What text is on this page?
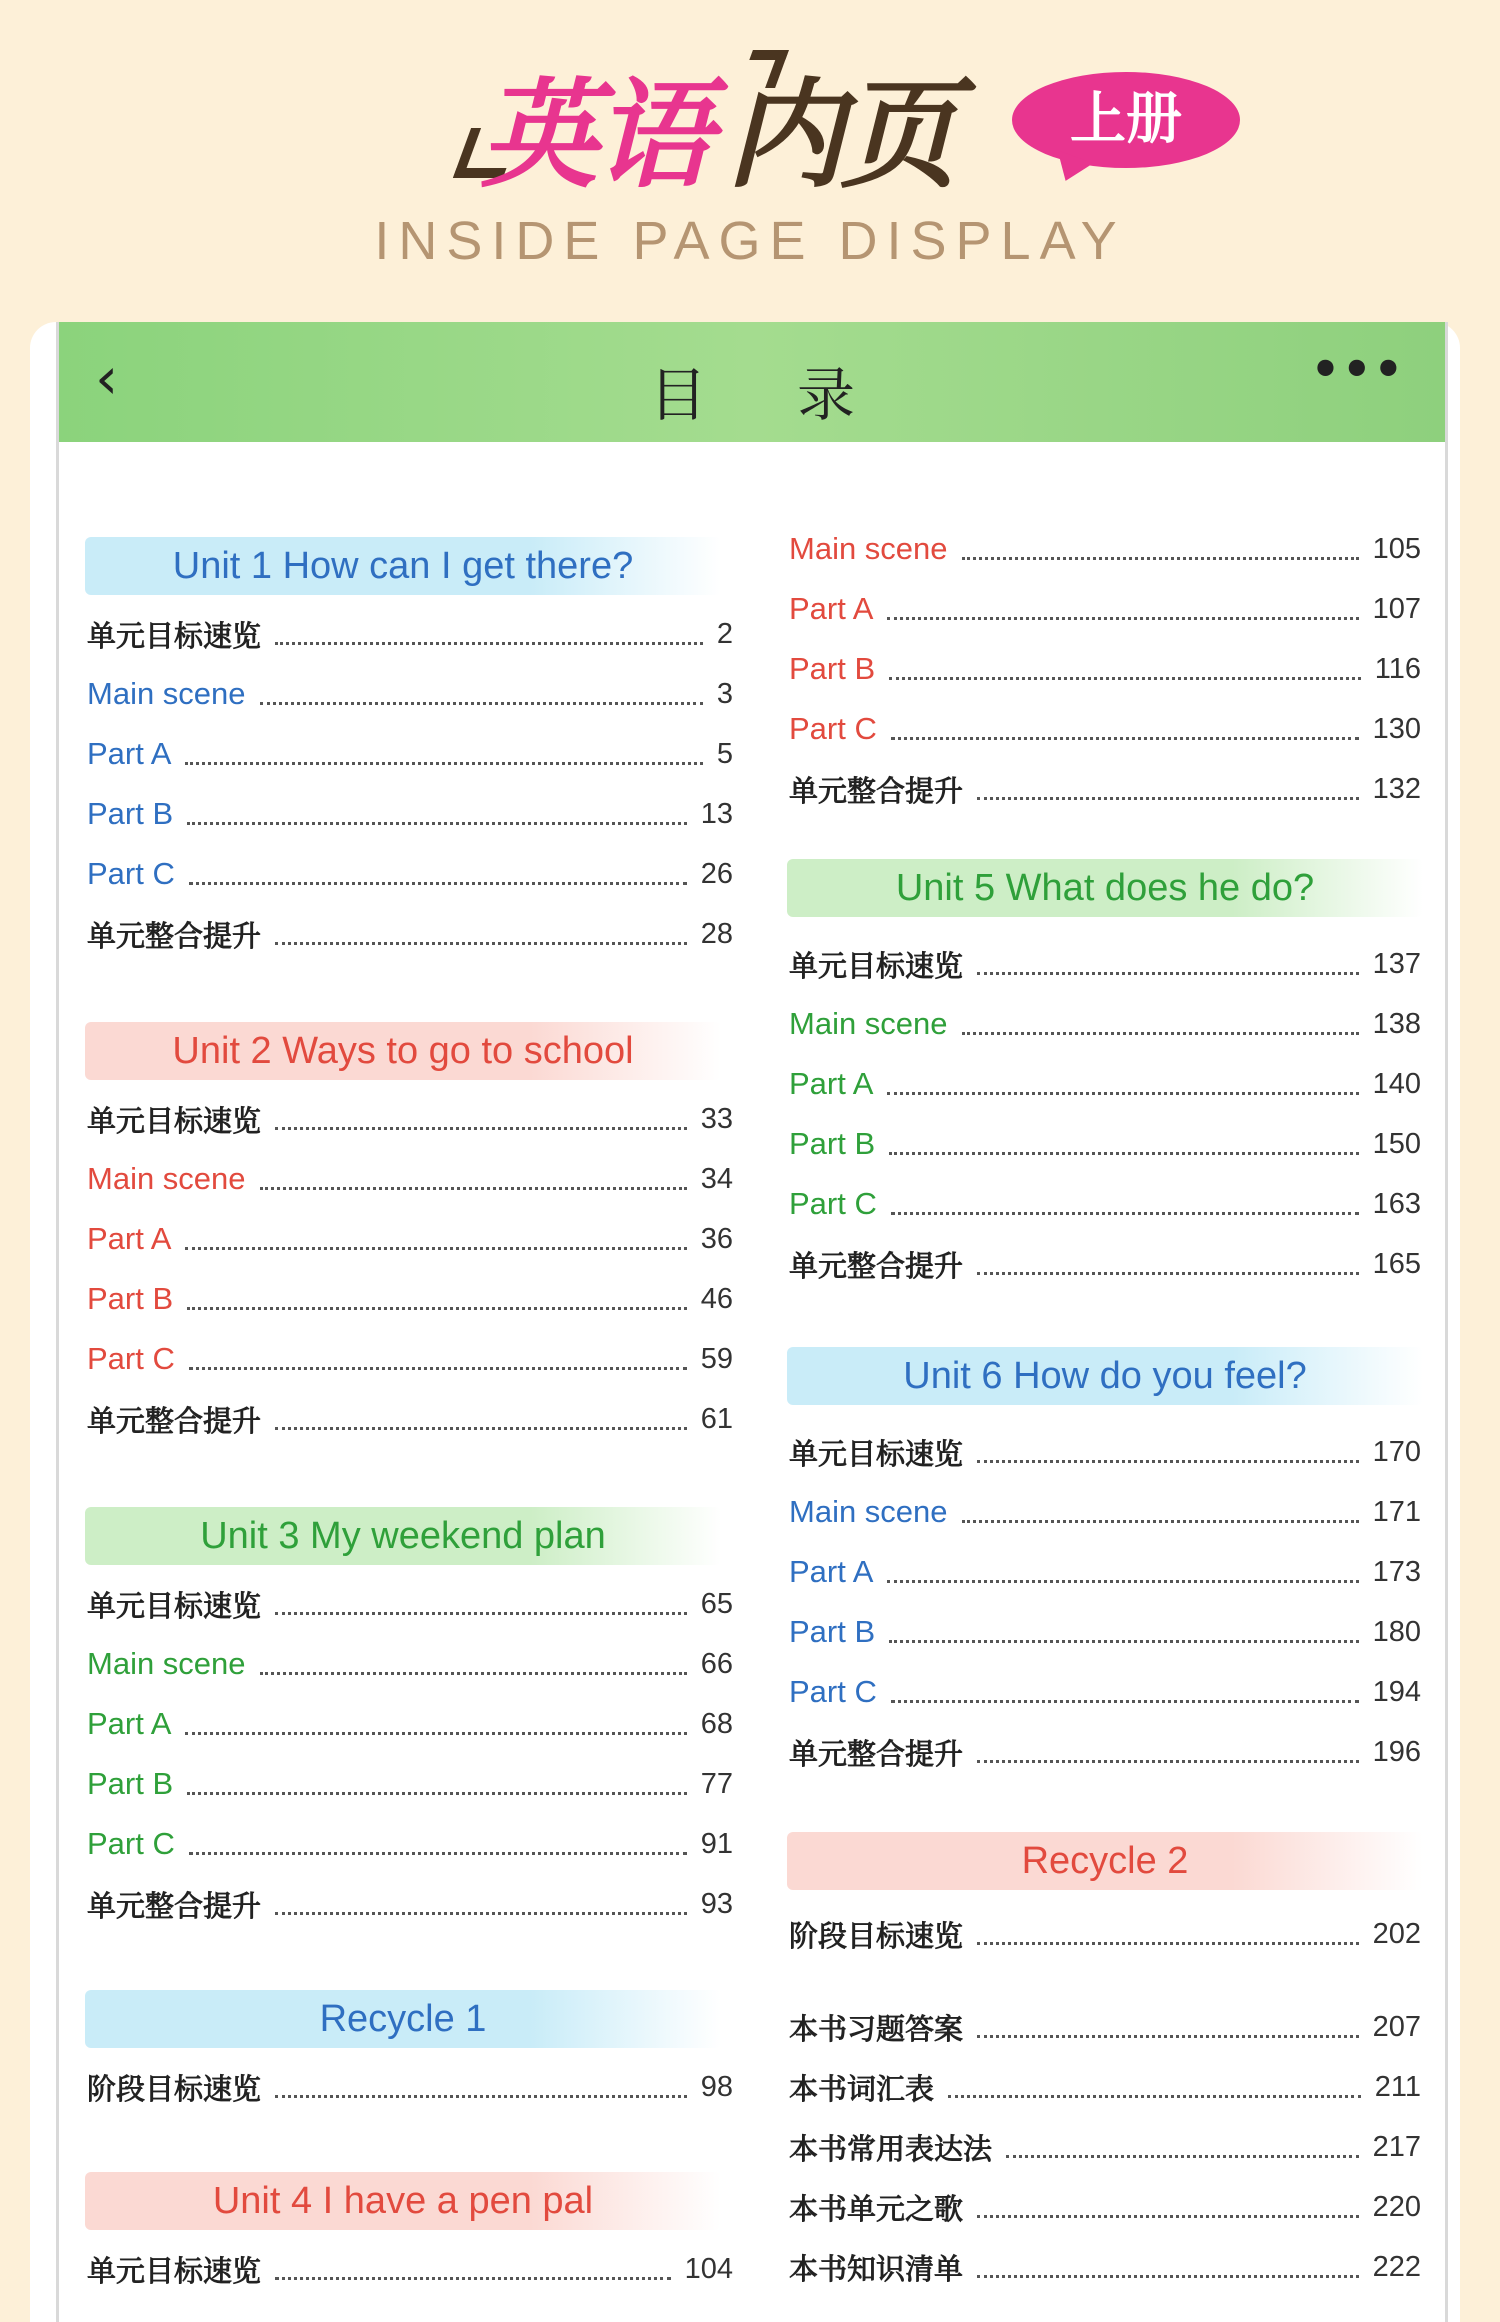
英语 内页	上册
INSIDE PAGE DISPLAY
‹	目录	•••
Unit 1 How can I get there?
单元目标速览	2
Main scene	3
Part A	5
Part B	13
Part C	26
单元整合提升	28
Unit 2 Ways to go to school
单元目标速览	33
Main scene	34
Part A	36
Part B	46
Part C	59
单元整合提升	61
Unit 3 My weekend plan
单元目标速览	65
Main scene	66
Part A	68
Part B	77
Part C	91
单元整合提升	93
Recycle 1
阶段目标速览	98
Unit 4 I have a pen pal
单元目标速览	104
Main scene	105
Part A	107
Part B	116
Part C	130
单元整合提升	132
Unit 5 What does he do?
单元目标速览	137
Main scene	138
Part A	140
Part B	150
Part C	163
单元整合提升	165
Unit 6 How do you feel?
单元目标速览	170
Main scene	171
Part A	173
Part B	180
Part C	194
单元整合提升	196
Recycle 2
阶段目标速览	202
本书习题答案	207
本书词汇表	211
本书常用表达法	217
本书单元之歌	220
本书知识清单	222
